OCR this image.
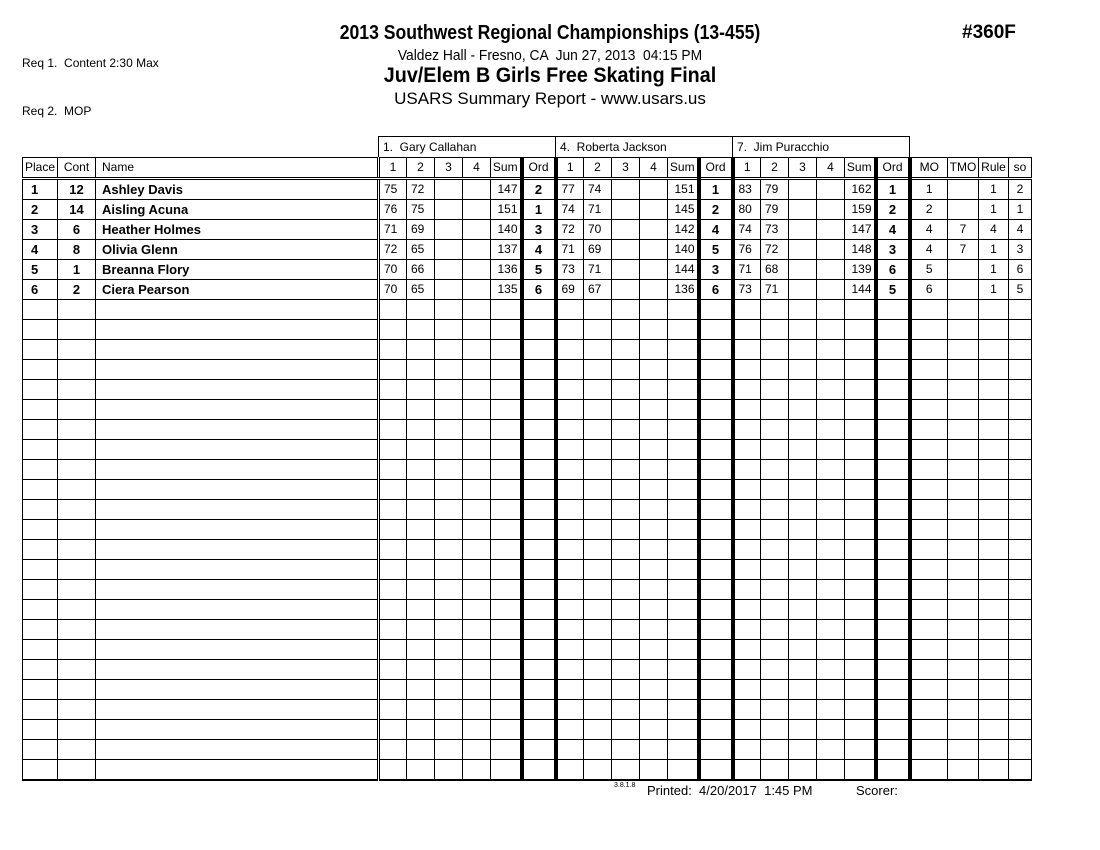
Req 1.  Content 2:30 Max

Req 2.  MOP

2013 Southwest Regional Championships (13-455)
Valdez Hall - Fresno, CA  Jun 27, 2013  04:15 PM
Juv/Elem B Girls Free Skating Final
USARS Summary Report - www.usars.us
#360F
			1.  Gary Callahan						4.  Roberta Jackson						7.  Jim Puracchio									
Place	Cont	Name	1	2	3	4	Sum	Ord	1	2	3	4	Sum	Ord	1	2	3	4	Sum	Ord	MO	TMO	Rule	so
1	12	Ashley Davis	75	72			147	2	77	74			151	1	83	79			162	1	1		1	2
2	14	Aisling Acuna	76	75			151	1	74	71			145	2	80	79			159	2	2		1	1
3	6	Heather Holmes	71	69			140	3	72	70			142	4	74	73			147	4	4	7	4	4
4	8	Olivia Glenn	72	65			137	4	71	69			140	5	76	72			148	3	4	7	1	3
5	1	Breanna Flory	70	66			136	5	73	71			144	3	71	68			139	6	5		1	6
6	2	Ciera Pearson	70	65			135	6	69	67			136	6	73	71			144	5	6		1	5

3.8.1.8 Printed:  4/20/2017  1:45 PM	Scorer:
